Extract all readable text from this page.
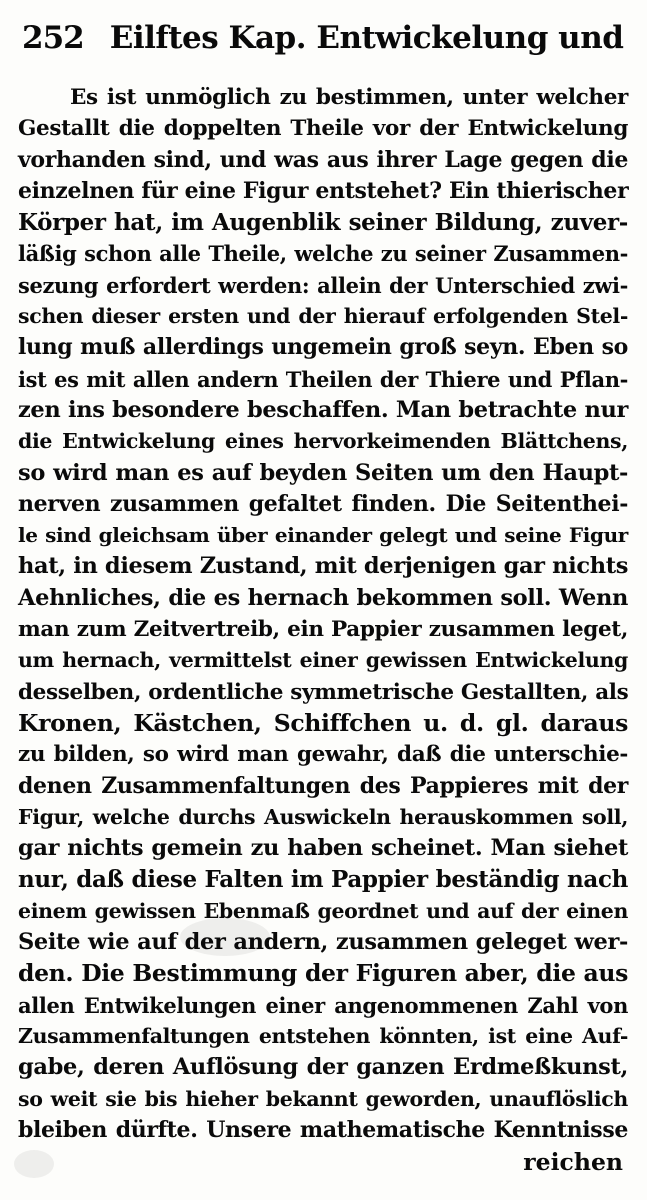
252 Eilftes Kap. Entwickelung und
Es ist unmöglich zu bestimmen, unter welcher
Gestallt die doppelten Theile vor der Entwickelung
vorhanden sind, und was aus ihrer Lage gegen die
einzelnen für eine Figur entstehet? Ein thierischer
Körper hat, im Augenblik seiner Bildung, zuver-
läßig schon alle Theile, welche zu seiner Zusammen-
sezung erfordert werden: allein der Unterschied zwi-
schen dieser ersten und der hierauf erfolgenden Stel-
lung muß allerdings ungemein groß seyn. Eben so
ist es mit allen andern Theilen der Thiere und Pflan-
zen ins besondere beschaffen. Man betrachte nur
die Entwickelung eines hervorkeimenden Blättchens,
so wird man es auf beyden Seiten um den Haupt-
nerven zusammen gefaltet finden. Die Seitenthei-
le sind gleichsam über einander gelegt und seine Figur
hat, in diesem Zustand, mit derjenigen gar nichts
Aehnliches, die es hernach bekommen soll. Wenn
man zum Zeitvertreib, ein Pappier zusammen leget,
um hernach, vermittelst einer gewissen Entwickelung
desselben, ordentliche symmetrische Gestallten, als
Kronen, Kästchen, Schiffchen u. d. gl. daraus
zu bilden, so wird man gewahr, daß die unterschie-
denen Zusammenfaltungen des Pappieres mit der
Figur, welche durchs Auswickeln herauskommen soll,
gar nichts gemein zu haben scheinet. Man siehet
nur, daß diese Falten im Pappier beständig nach
einem gewissen Ebenmaß geordnet und auf der einen
Seite wie auf der andern, zusammen geleget wer-
den. Die Bestimmung der Figuren aber, die aus
allen Entwikelungen einer angenommenen Zahl von
Zusammenfaltungen entstehen könnten, ist eine Auf-
gabe, deren Auflösung der ganzen Erdmeßkunst,
so weit sie bis hieher bekannt geworden, unauflöslich
bleiben dürfte. Unsere mathematische Kenntnisse
reichen
